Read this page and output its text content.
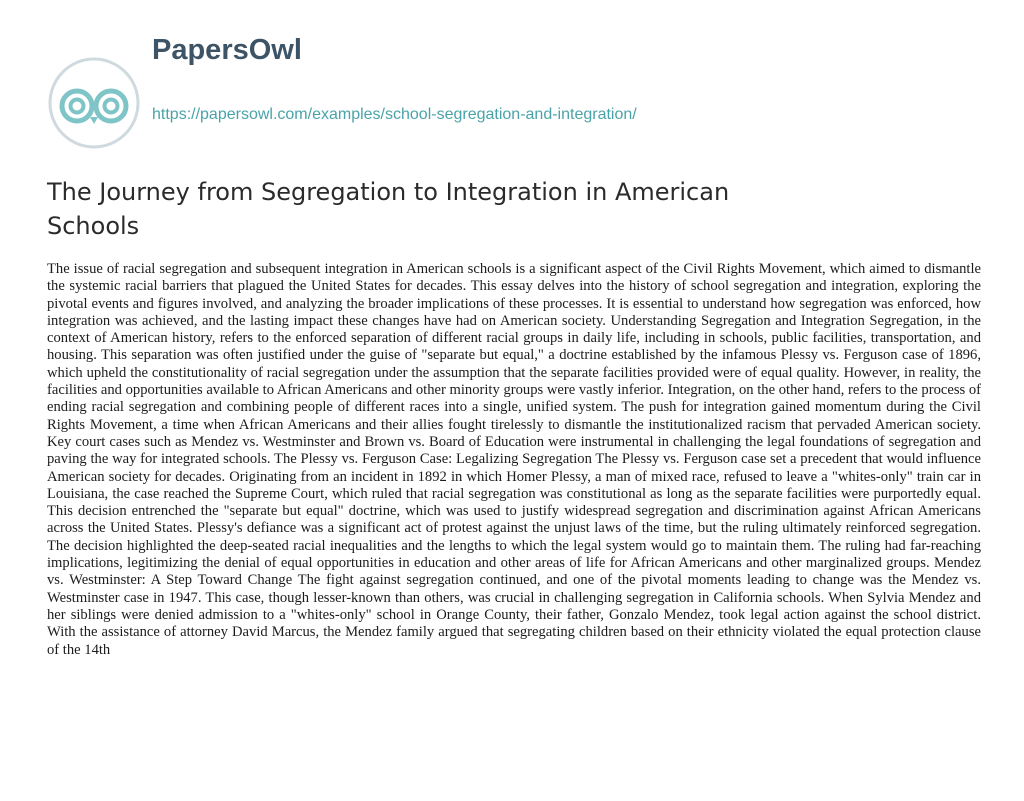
PapersOwl
https://papersowl.com/examples/school-segregation-and-integration/
The Journey from Segregation to Integration in American Schools

The issue of racial segregation and subsequent integration in American schools is a significant aspect of the Civil Rights Movement, which aimed to dismantle the systemic racial barriers that plagued the United States for decades. This essay delves into the history of school segregation and integration, exploring the pivotal events and figures involved, and analyzing the broader implications of these processes. It is essential to understand how segregation was enforced, how integration was achieved, and the lasting impact these changes have had on American society. Understanding Segregation and Integration Segregation, in the context of American history, refers to the enforced separation of different racial groups in daily life, including in schools, public facilities, transportation, and housing. This separation was often justified under the guise of "separate but equal," a doctrine established by the infamous Plessy vs. Ferguson case of 1896, which upheld the constitutionality of racial segregation under the assumption that the separate facilities provided were of equal quality. However, in reality, the facilities and opportunities available to African Americans and other minority groups were vastly inferior. Integration, on the other hand, refers to the process of ending racial segregation and combining people of different races into a single, unified system. The push for integration gained momentum during the Civil Rights Movement, a time when African Americans and their allies fought tirelessly to dismantle the institutionalized racism that pervaded American society. Key court cases such as Mendez vs. Westminster and Brown vs. Board of Education were instrumental in challenging the legal foundations of segregation and paving the way for integrated schools. The Plessy vs. Ferguson Case: Legalizing Segregation The Plessy vs. Ferguson case set a precedent that would influence American society for decades. Originating from an incident in 1892 in which Homer Plessy, a man of mixed race, refused to leave a "whites-only" train car in Louisiana, the case reached the Supreme Court, which ruled that racial segregation was constitutional as long as the separate facilities were purportedly equal. This decision entrenched the "separate but equal" doctrine, which was used to justify widespread segregation and discrimination against African Americans across the United States. Plessy's defiance was a significant act of protest against the unjust laws of the time, but the ruling ultimately reinforced segregation. The decision highlighted the deep-seated racial inequalities and the lengths to which the legal system would go to maintain them. The ruling had far-reaching implications, legitimizing the denial of equal opportunities in education and other areas of life for African Americans and other marginalized groups. Mendez vs. Westminster: A Step Toward Change The fight against segregation continued, and one of the pivotal moments leading to change was the Mendez vs. Westminster case in 1947. This case, though lesser-known than others, was crucial in challenging segregation in California schools. When Sylvia Mendez and her siblings were denied admission to a "whites-only" school in Orange County, their father, Gonzalo Mendez, took legal action against the school district. With the assistance of attorney David Marcus, the Mendez family argued that segregating children based on their ethnicity violated the equal protection clause of the 14th
